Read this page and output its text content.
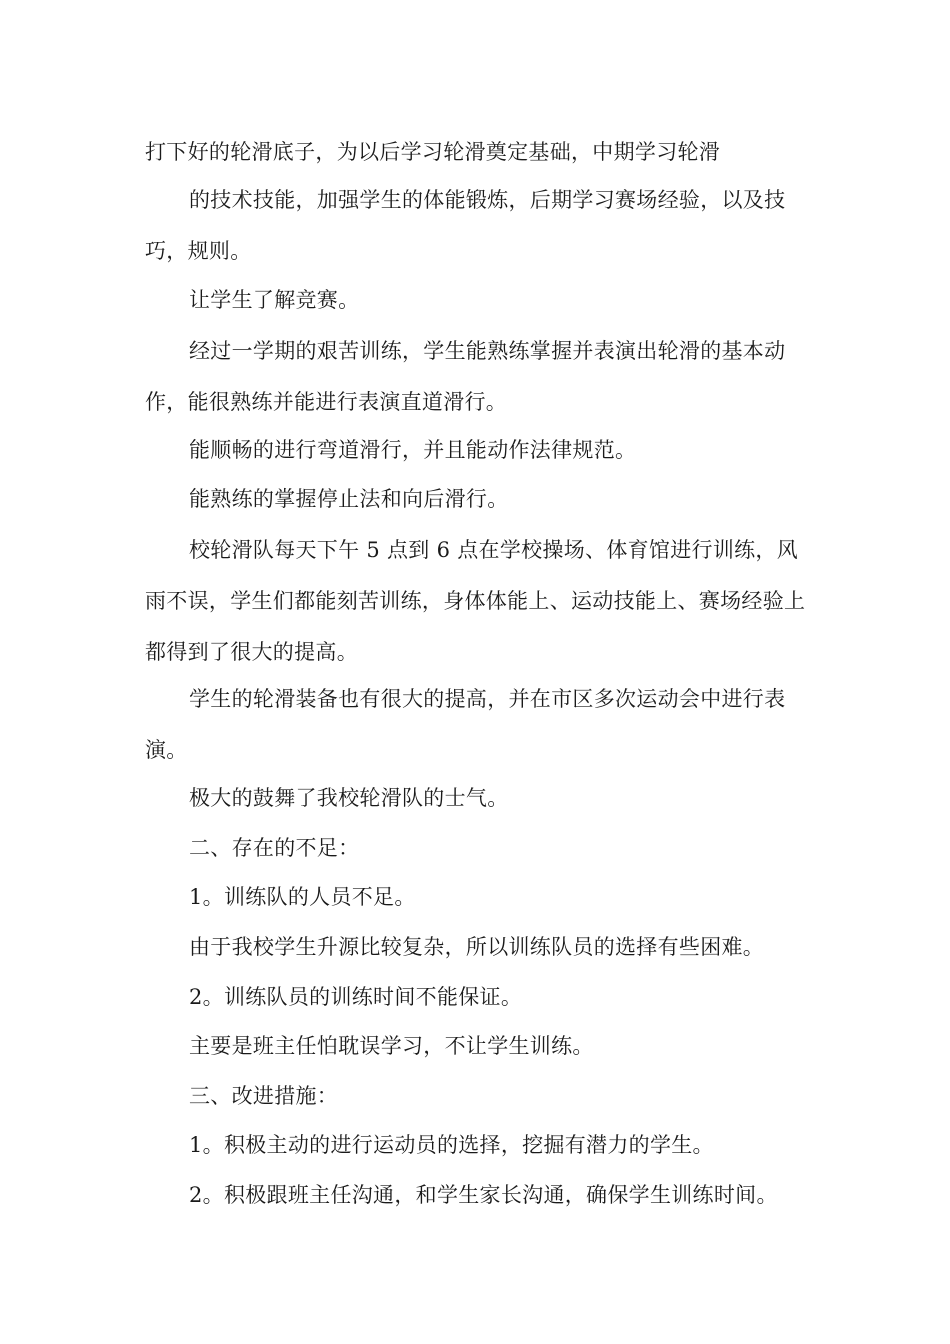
打下好的轮滑底子，为以后学习轮滑奠定基础，中期学习轮滑

的技术技能，加强学生的体能锻炼，后期学习赛场经验，以及技巧，规则。

让学生了解竞赛。

经过一学期的艰苦训练，学生能熟练掌握并表演出轮滑的基本动作，能很熟练并能进行表演直道滑行。

能顺畅的进行弯道滑行，并且能动作法律规范。

能熟练的掌握停止法和向后滑行。

校轮滑队每天下午 5 点到 6 点在学校操场、体育馆进行训练，风雨不误，学生们都能刻苦训练，身体体能上、运动技能上、赛场经验上都得到了很大的提高。

学生的轮滑装备也有很大的提高，并在市区多次运动会中进行表演。

极大的鼓舞了我校轮滑队的士气。

二、存在的不足：

1。训练队的人员不足。

由于我校学生升源比较复杂，所以训练队员的选择有些困难。

2。训练队员的训练时间不能保证。

主要是班主任怕耽误学习，不让学生训练。

三、改进措施：

1。积极主动的进行运动员的选择，挖掘有潜力的学生。

2。积极跟班主任沟通，和学生家长沟通，确保学生训练时间。
